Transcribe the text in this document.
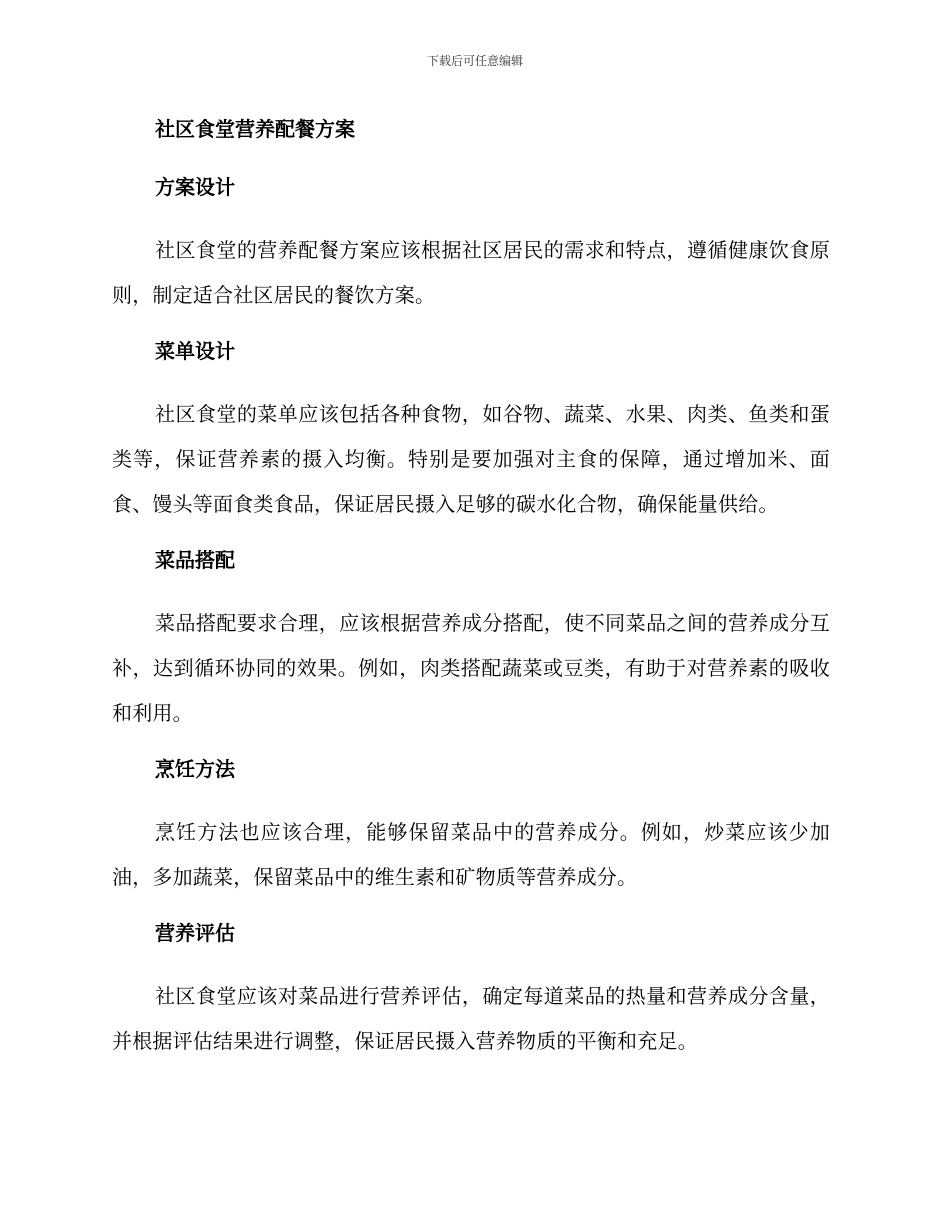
下载后可任意编辑
社区食堂营养配餐方案
方案设计
社区食堂的营养配餐方案应该根据社区居民的需求和特点，遵循健康饮食原则，制定适合社区居民的餐饮方案。
菜单设计
社区食堂的菜单应该包括各种食物，如谷物、蔬菜、水果、肉类、鱼类和蛋类等，保证营养素的摄入均衡。特别是要加强对主食的保障，通过增加米、面食、馒头等面食类食品，保证居民摄入足够的碳水化合物，确保能量供给。
菜品搭配
菜品搭配要求合理，应该根据营养成分搭配，使不同菜品之间的营养成分互补，达到循环协同的效果。例如，肉类搭配蔬菜或豆类，有助于对营养素的吸收和利用。
烹饪方法
烹饪方法也应该合理，能够保留菜品中的营养成分。例如，炒菜应该少加油，多加蔬菜，保留菜品中的维生素和矿物质等营养成分。
营养评估
社区食堂应该对菜品进行营养评估，确定每道菜品的热量和营养成分含量，并根据评估结果进行调整，保证居民摄入营养物质的平衡和充足。
